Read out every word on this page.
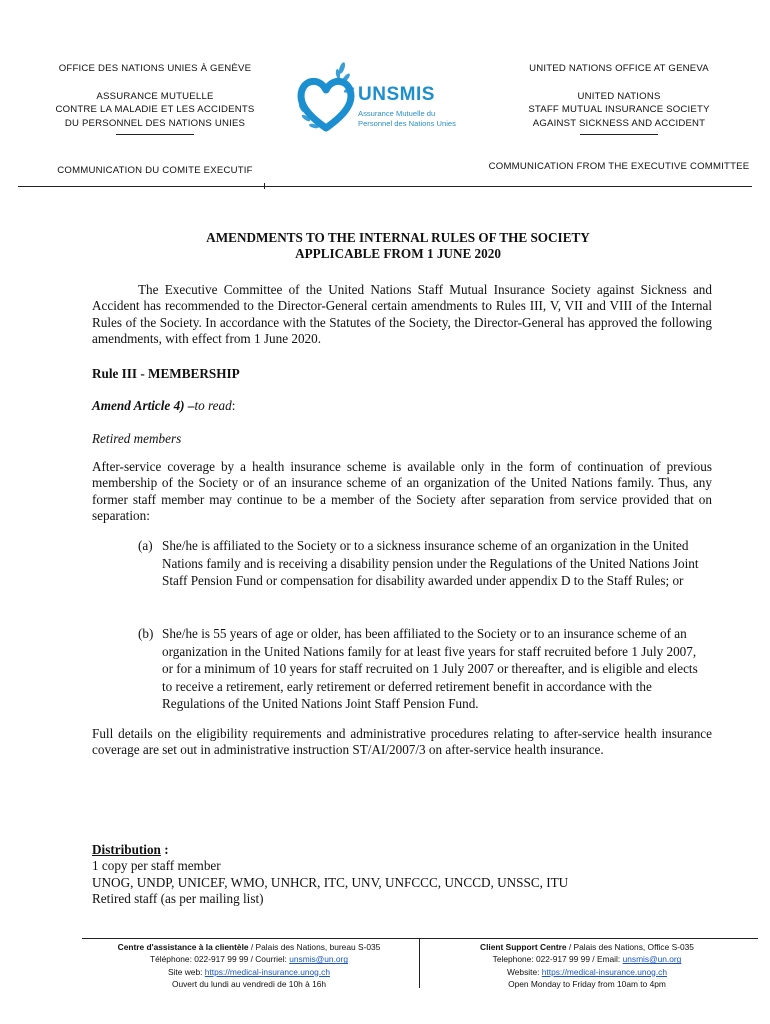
OFFICE DES NATIONS UNIES À GENÈVE
ASSURANCE MUTUELLE
CONTRE LA MALADIE ET LES ACCIDENTS
DU PERSONNEL DES NATIONS UNIES
COMMUNICATION DU COMITE EXECUTIF
UNSMIS
Assurance Mutuelle du
Personnel des Nations Unies
UNITED NATIONS OFFICE AT GENEVA
UNITED NATIONS
STAFF MUTUAL INSURANCE SOCIETY
AGAINST SICKNESS AND ACCIDENT
COMMUNICATION FROM THE EXECUTIVE COMMITTEE
AMENDMENTS TO THE INTERNAL RULES OF THE SOCIETY
APPLICABLE FROM 1 JUNE 2020
The Executive Committee of the United Nations Staff Mutual Insurance Society against Sickness and Accident has recommended to the Director-General certain amendments to Rules III, V, VII and VIII of the Internal Rules of the Society. In accordance with the Statutes of the Society, the Director-General has approved the following amendments, with effect from 1 June 2020.
Rule III - MEMBERSHIP
Amend Article 4) –to read:
Retired members
After-service coverage by a health insurance scheme is available only in the form of continuation of previous membership of the Society or of an insurance scheme of an organization of the United Nations family. Thus, any former staff member may continue to be a member of the Society after separation from service provided that on separation:
(a) She/he is affiliated to the Society or to a sickness insurance scheme of an organization in the United Nations family and is receiving a disability pension under the Regulations of the United Nations Joint Staff Pension Fund or compensation for disability awarded under appendix D to the Staff Rules; or
(b) She/he is 55 years of age or older, has been affiliated to the Society or to an insurance scheme of an organization in the United Nations family for at least five years for staff recruited before 1 July 2007, or for a minimum of 10 years for staff recruited on 1 July 2007 or thereafter, and is eligible and elects to receive a retirement, early retirement or deferred retirement benefit in accordance with the Regulations of the United Nations Joint Staff Pension Fund.
Full details on the eligibility requirements and administrative procedures relating to after-service health insurance coverage are set out in administrative instruction ST/AI/2007/3 on after-service health insurance.
Distribution :
1 copy per staff member
UNOG, UNDP, UNICEF, WMO, UNHCR, ITC, UNV, UNFCCC, UNCCD, UNSSC, ITU
Retired staff (as per mailing list)
Centre d'assistance à la clientèle / Palais des Nations, bureau S-035
Téléphone: 022-917 99 99 / Courriel: unsmis@un.org
Site web: https://medical-insurance.unog.ch
Ouvert du lundi au vendredi de 10h à 16h
Client Support Centre / Palais des Nations, Office S-035
Telephone: 022-917 99 99 / Email: unsmis@un.org
Website: https://medical-insurance.unog.ch
Open Monday to Friday from 10am to 4pm
